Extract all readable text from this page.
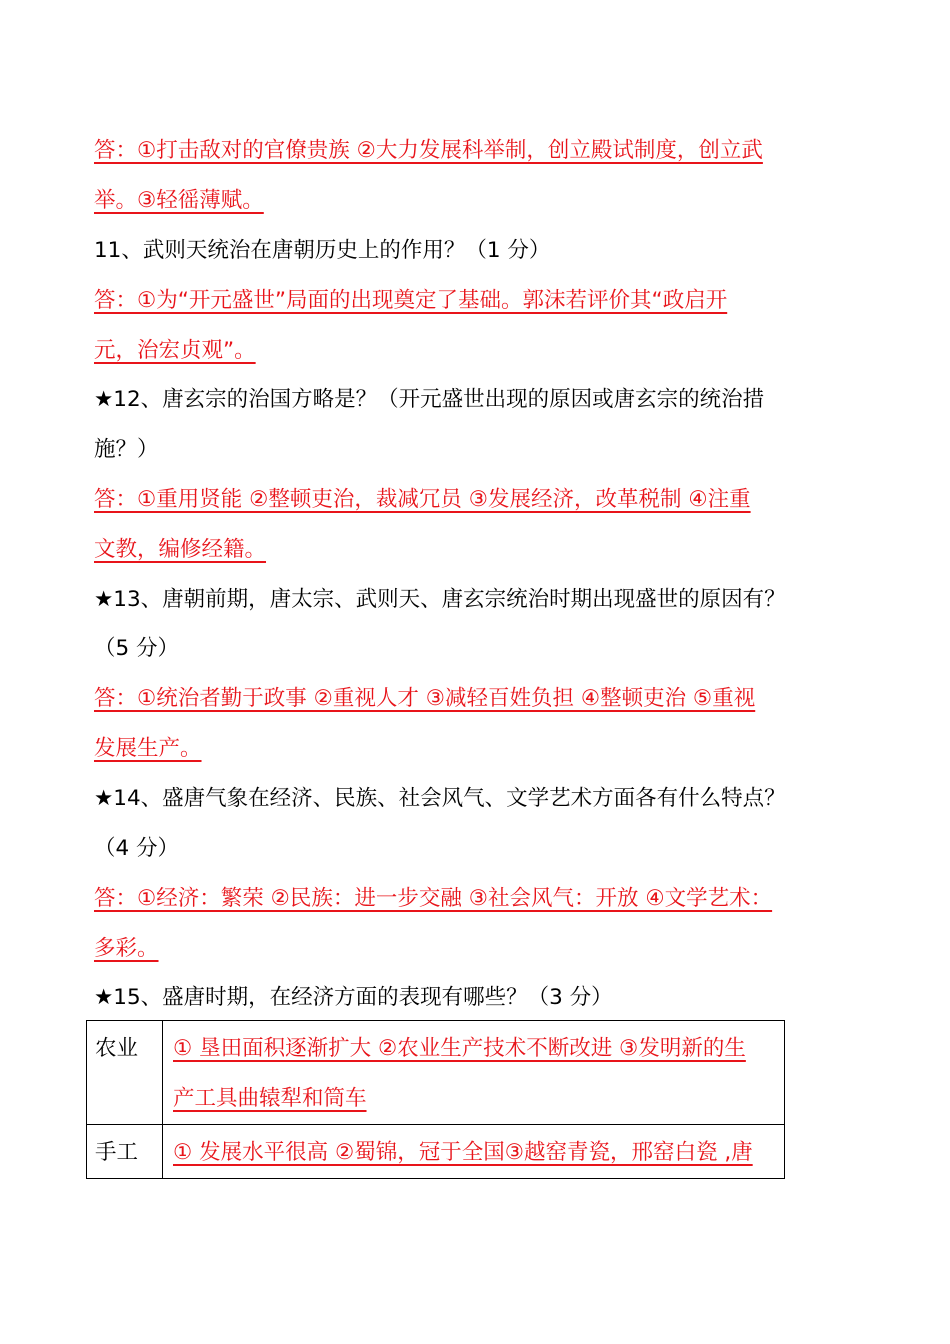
答：①打击敌对的官僚贵族 ②大力发展科举制，创立殿试制度，创立武
举。③轻徭薄赋。
11、武则天统治在唐朝历史上的作用？（1 分）
答：①为“开元盛世”局面的出现奠定了基础。郭沫若评价其“政启开
元，治宏贞观”。
★12、唐玄宗的治国方略是？（开元盛世出现的原因或唐玄宗的统治措
施？）
答：①重用贤能 ②整顿吏治，裁减冗员 ③发展经济，改革税制 ④注重
文教，编修经籍。
★13、唐朝前期，唐太宗、武则天、唐玄宗统治时期出现盛世的原因有？
（5 分）
答：①统治者勤于政事 ②重视人才 ③减轻百姓负担 ④整顿吏治 ⑤重视
发展生产。
★14、盛唐气象在经济、民族、社会风气、文学艺术方面各有什么特点？
（4 分）
答：①经济：繁荣 ②民族：进一步交融 ③社会风气：开放 ④文学艺术：
多彩。
★15、盛唐时期，在经济方面的表现有哪些？（3 分）
农业	① 垦田面积逐渐扩大 ②农业生产技术不断改进 ③发明新的生
产工具曲辕犁和筒车

手工	① 发展水平很高 ②蜀锦，冠于全国③越窑青瓷，邢窑白瓷 ,唐
